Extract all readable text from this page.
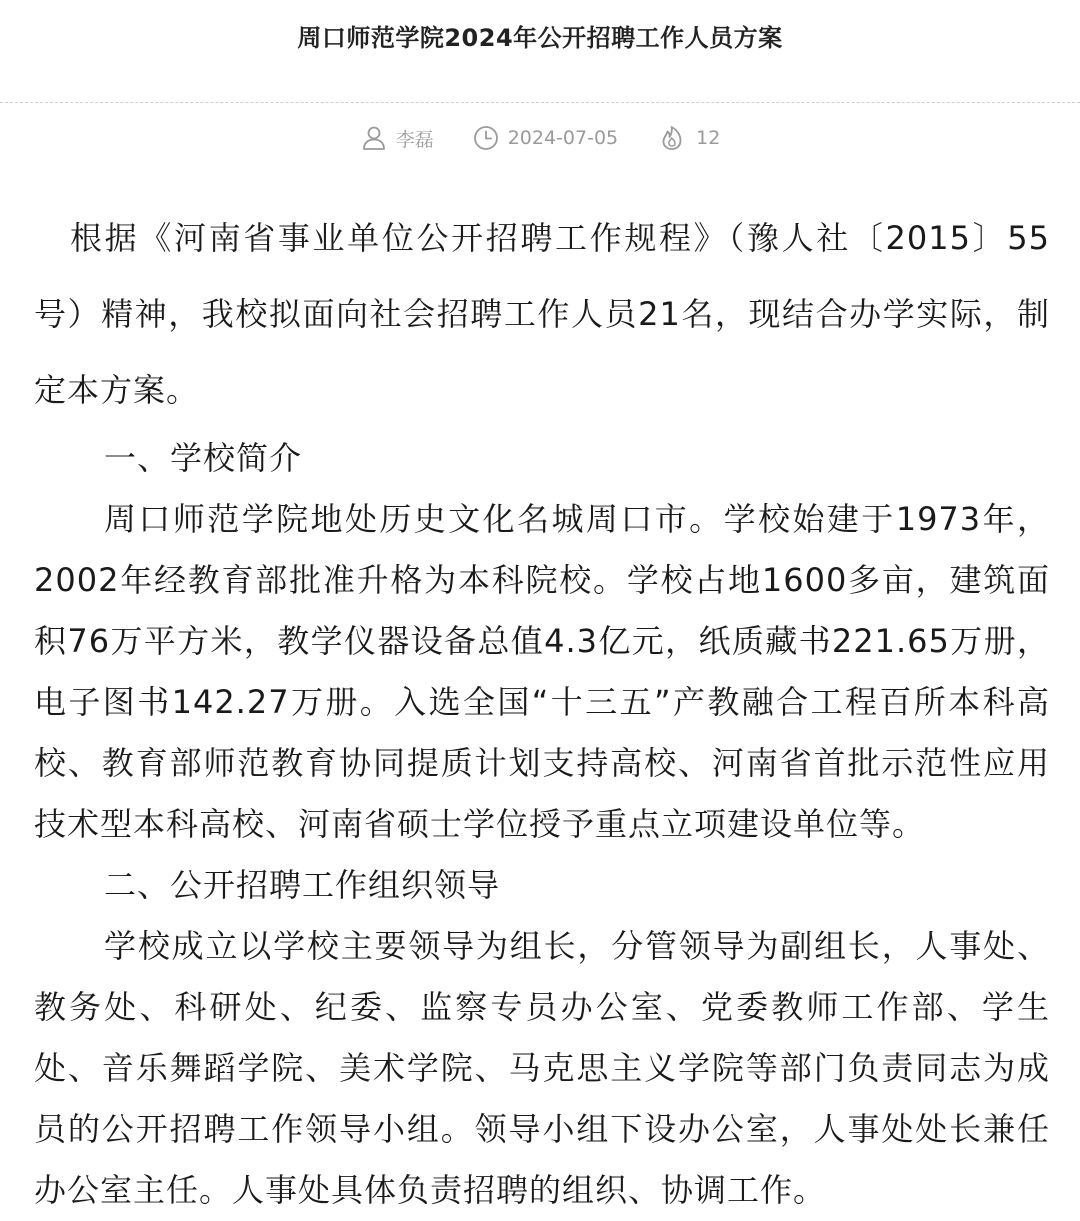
周口师范学院2024年公开招聘工作人员方案
李磊	2024-07-05	12

根据《河南省事业单位公开招聘工作规程》（豫人社〔2015〕55号）精神，我校拟面向社会招聘工作人员21名，现结合办学实际，制定本方案。

一、学校简介

周口师范学院地处历史文化名城周口市。学校始建于1973年，2002年经教育部批准升格为本科院校。学校占地1600多亩，建筑面积76万平方米，教学仪器设备总值4.3亿元，纸质藏书221.65万册，电子图书142.27万册。入选全国“十三五”产教融合工程百所本科高校、教育部师范教育协同提质计划支持高校、河南省首批示范性应用技术型本科高校、河南省硕士学位授予重点立项建设单位等。

二、公开招聘工作组织领导

学校成立以学校主要领导为组长，分管领导为副组长，人事处、教务处、科研处、纪委、监察专员办公室、党委教师工作部、学生处、音乐舞蹈学院、美术学院、马克思主义学院等部门负责同志为成员的公开招聘工作领导小组。领导小组下设办公室，人事处处长兼任办公室主任。人事处具体负责招聘的组织、协调工作。
